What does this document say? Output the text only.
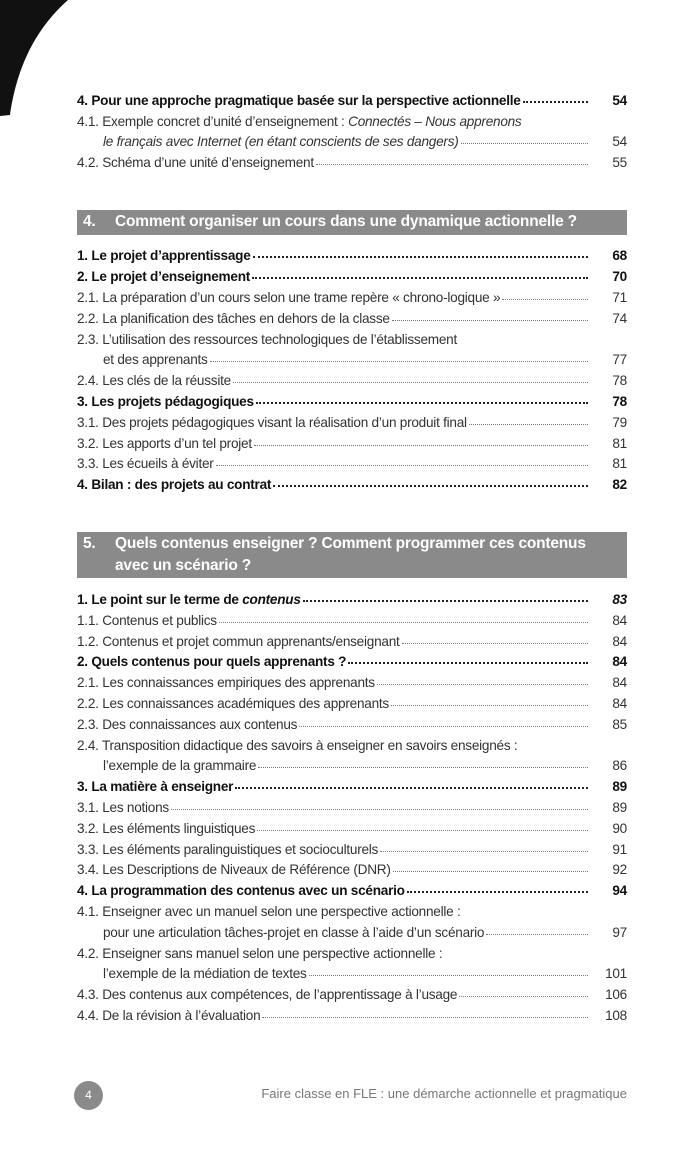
4. Pour une approche pragmatique basée sur la perspective actionnelle	54
4.1. Exemple concret d’unité d’enseignement : Connectés – Nous apprenons
le français avec Internet (en étant conscients de ses dangers)	54
4.2. Schéma d’une unité d’enseignement	55
4.	Comment organiser un cours dans une dynamique actionnelle ?
1. Le projet d’apprentissage	68
2. Le projet d’enseignement	70
2.1. La préparation d’un cours selon une trame repère « chrono-logique »	71
2.2. La planification des tâches en dehors de la classe	74
2.3. L’utilisation des ressources technologiques de l’établissement
et des apprenants	77
2.4. Les clés de la réussite	78
3. Les projets pédagogiques	78
3.1. Des projets pédagogiques visant la réalisation d’un produit final	79
3.2. Les apports d’un tel projet	81
3.3. Les écueils à éviter	81
4. Bilan : des projets au contrat	82
5.	Quels contenus enseigner ? Comment programmer ces contenus
avec un scénario ?
1. Le point sur le terme de contenus	83
1.1. Contenus et publics	84
1.2. Contenus et projet commun apprenants/enseignant	84
2. Quels contenus pour quels apprenants ?	84
2.1. Les connaissances empiriques des apprenants	84
2.2. Les connaissances académiques des apprenants	84
2.3. Des connaissances aux contenus	85
2.4. Transposition didactique des savoirs à enseigner en savoirs enseignés :
l’exemple de la grammaire	86
3. La matière à enseigner	89
3.1. Les notions	89
3.2. Les éléments linguistiques	90
3.3. Les éléments paralinguistiques et socioculturels	91
3.4. Les Descriptions de Niveaux de Référence (DNR)	92
4. La programmation des contenus avec un scénario	94
4.1. Enseigner avec un manuel selon une perspective actionnelle :
pour une articulation tâches-projet en classe à l’aide d’un scénario	97
4.2. Enseigner sans manuel selon une perspective actionnelle :
l’exemple de la médiation de textes	101
4.3. Des contenus aux compétences, de l’apprentissage à l’usage	106
4.4. De la révision à l’évaluation	108
4	Faire classe en FLE : une démarche actionnelle et pragmatique
